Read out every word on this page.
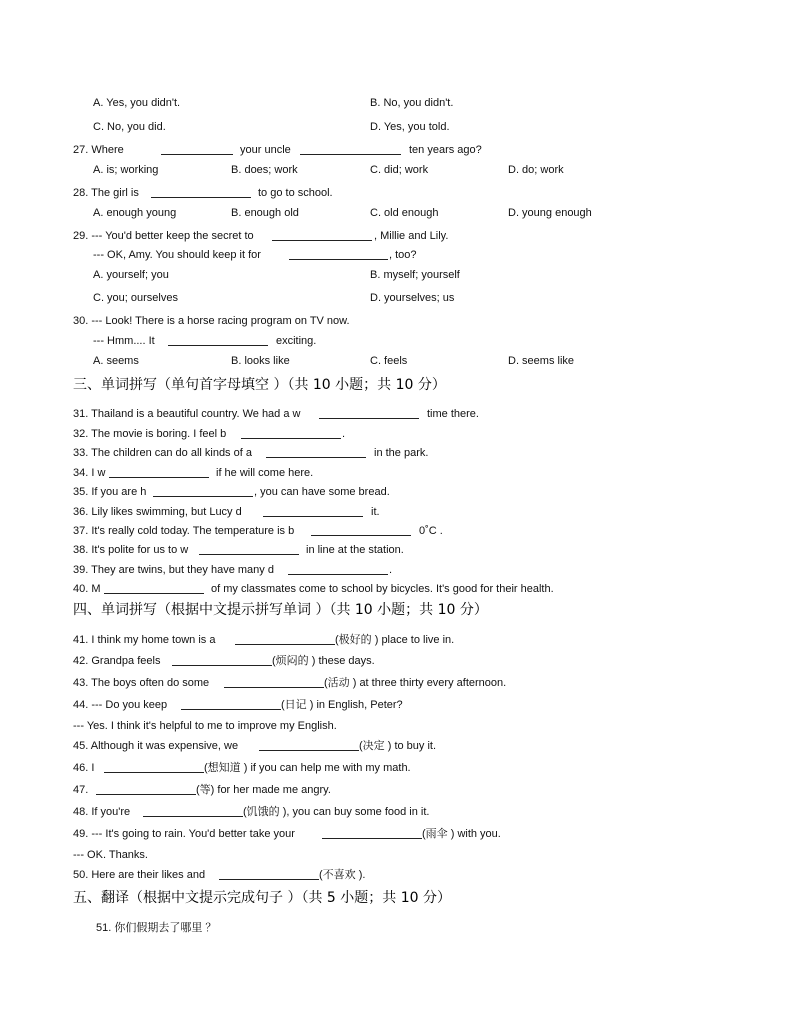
A. Yes, you didn't.	B. No, you didn't.
C. No, you did.	D. Yes, you told.
27. Where	your uncle	ten years ago?
A. is; working	B. does; work	C. did; work	D. do; work
28. The girl is	to go to school.
A. enough young	B. enough old	C. old enough	D. young enough
29. --- You'd better keep the secret to	, Millie and Lily.
--- OK, Amy. You should keep it for	, too?
A. yourself; you	B. myself; yourself
C. you; ourselves	D. yourselves; us
30. --- Look! There is a horse racing program on TV now.
--- Hmm.... It	exciting.
A. seems	B. looks like	C. feels	D. seems like
三、单词拼写（单句首字母填空 ）（共 10 小题；共 10 分）
31. Thailand is a beautiful country. We had a w	time there.
32. The movie is boring. I feel b	.
33. The children can do all kinds of a	in the park.
34. I w	if he will come here.
35. If you are h	, you can have some bread.
36. Lily likes swimming, but Lucy d	it.
37. It's really cold today. The temperature is b	0˚C .
38. It's polite for us to w	in line at the station.
39. They are twins, but they have many d	.
40. M	of my classmates come to school by bicycles. It's good for their health.
四、单词拼写（根据中文提示拼写单词 ）（共 10 小题；共 10 分）
41. I think my home town is a	(极好的 ) place to live in.
42. Grandpa feels	(烦闷的 ) these days.
43. The boys often do some	(活动 ) at three thirty every afternoon.
44. --- Do you keep	(日记 ) in English, Peter?
--- Yes. I think it's helpful to me to improve my English.
45. Although it was expensive, we	(决定 ) to buy it.
46. I	(想知道 ) if you can help me with my math.
47.	(等) for her made me angry.
48. If you're	(饥饿的 ), you can buy some food in it.
49. --- It's going to rain. You'd better take your	(雨伞 ) with you.
--- OK. Thanks.
50. Here are their likes and	(不喜欢 ).
五、翻译（根据中文提示完成句子 ）（共 5 小题；共 10 分）
51. 你们假期去了哪里 ？
